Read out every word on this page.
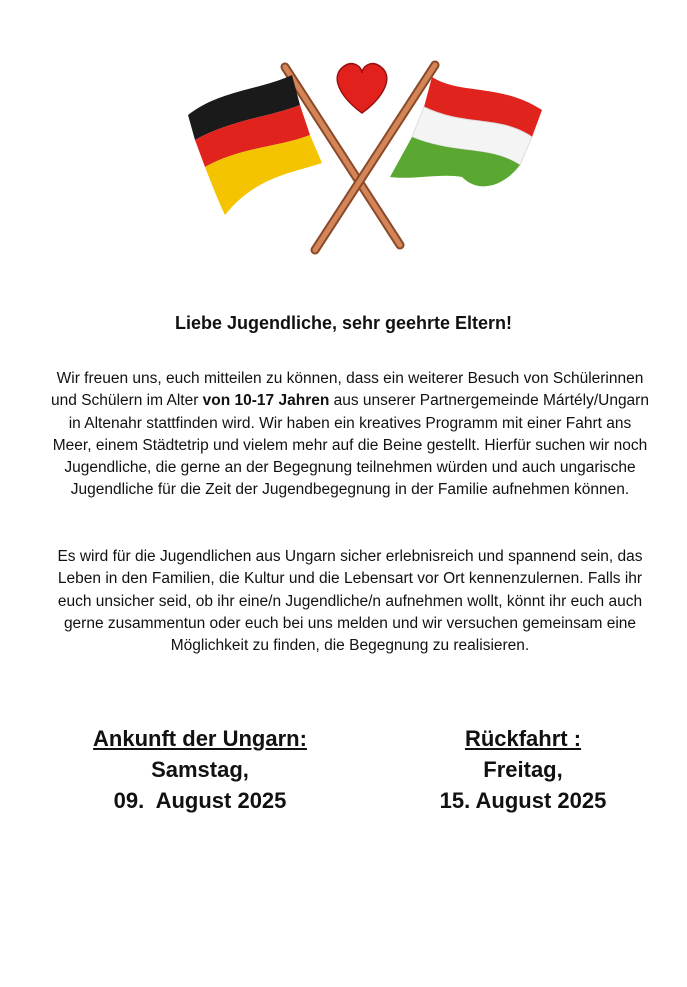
Liebe Jugendliche, sehr geehrte Eltern!
Wir freuen uns, euch mitteilen zu können, dass ein weiterer Besuch von Schülerinnen und Schülern im Alter von 10-17 Jahren aus unserer Partnergemeinde Mártély/Ungarn in Altenahr stattfinden wird. Wir haben ein kreatives Programm mit einer Fahrt ans Meer, einem Städtetrip und vielem mehr auf die Beine gestellt. Hierfür suchen wir noch Jugendliche, die gerne an der Begegnung teilnehmen würden und auch ungarische Jugendliche für die Zeit der Jugendbegegnung in der Familie aufnehmen können.
Es wird für die Jugendlichen aus Ungarn sicher erlebnisreich und spannend sein, das Leben in den Familien, die Kultur und die Lebensart vor Ort kennenzulernen. Falls ihr euch unsicher seid, ob ihr eine/n Jugendliche/n aufnehmen wollt, könnt ihr euch auch gerne zusammentun oder euch bei uns melden und wir versuchen gemeinsam eine Möglichkeit zu finden, die Begegnung zu realisieren.
Ankunft der Ungarn:
Samstag,
09.  August 2025
Rückfahrt :
Freitag,
15. August 2025
